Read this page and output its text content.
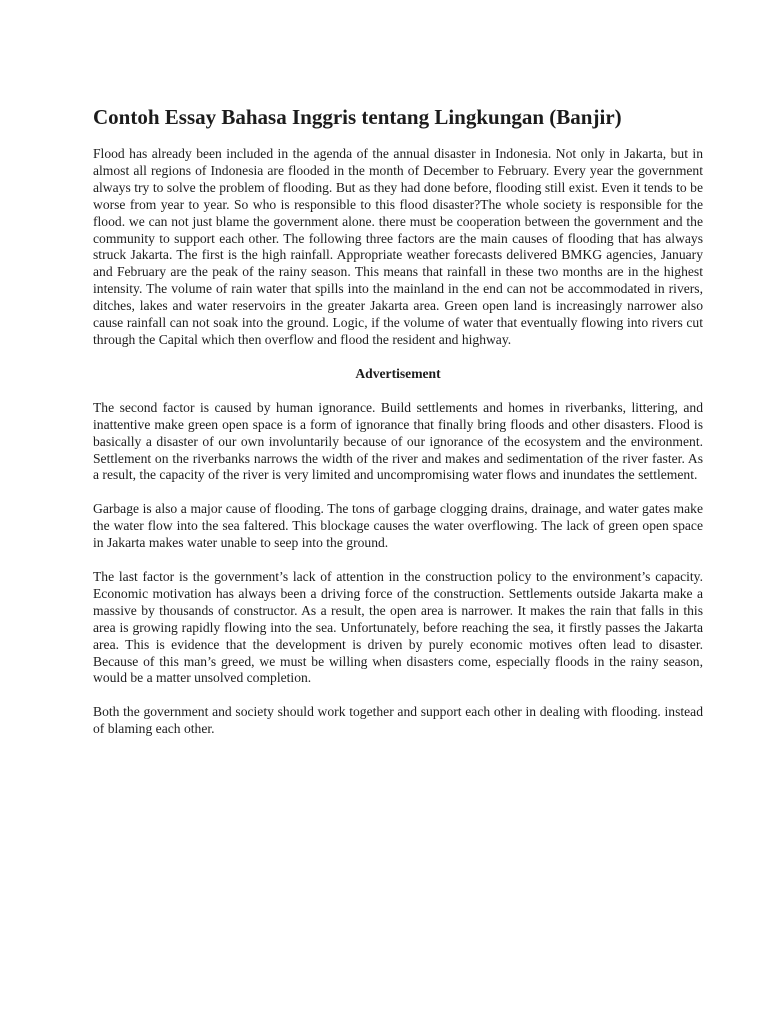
Contoh Essay Bahasa Inggris tentang Lingkungan (Banjir)

Flood has already been included in the agenda of the annual disaster in Indonesia. Not only in Jakarta, but in almost all regions of Indonesia are flooded in the month of December to February. Every year the government always try to solve the problem of flooding. But as they had done before, flooding still exist. Even it tends to be worse from year to year. So who is responsible to this flood disaster?The whole society is responsible for the flood. we can not just blame the government alone. there must be cooperation between the government and the community to support each other. The following three factors are the main causes of flooding that has always struck Jakarta. The first is the high rainfall. Appropriate weather forecasts delivered BMKG agencies, January and February are the peak of the rainy season. This means that rainfall in these two months are in the highest intensity. The volume of rain water that spills into the mainland in the end can not be accommodated in rivers, ditches, lakes and water reservoirs in the greater Jakarta area. Green open land is increasingly narrower also cause rainfall can not soak into the ground. Logic, if the volume of water that eventually flowing into rivers cut through the Capital which then overflow and flood the resident and highway.

Advertisement

The second factor is caused by human ignorance. Build settlements and homes in riverbanks, littering, and inattentive make green open space is a form of ignorance that finally bring floods and other disasters. Flood is basically a disaster of our own involuntarily because of our ignorance of the ecosystem and the environment. Settlement on the riverbanks narrows the width of the river and makes and sedimentation of the river faster. As a result, the capacity of the river is very limited and uncompromising water flows and inundates the settlement.

Garbage is also a major cause of flooding. The tons of garbage clogging drains, drainage, and water gates make the water flow into the sea faltered. This blockage causes the water overflowing. The lack of green open space in Jakarta makes water unable to seep into the ground.

The last factor is the government’s lack of attention in the construction policy to the environment’s capacity. Economic motivation has always been a driving force of the construction. Settlements outside Jakarta make a massive by thousands of constructor. As a result, the open area is narrower. It makes the rain that falls in this area is growing rapidly flowing into the sea. Unfortunately, before reaching the sea, it firstly passes the Jakarta area. This is evidence that the development is driven by purely economic motives often lead to disaster. Because of this man’s greed, we must be willing when disasters come, especially floods in the rainy season, would be a matter unsolved completion.

Both the government and society should work together and support each other in dealing with flooding. instead of blaming each other.
